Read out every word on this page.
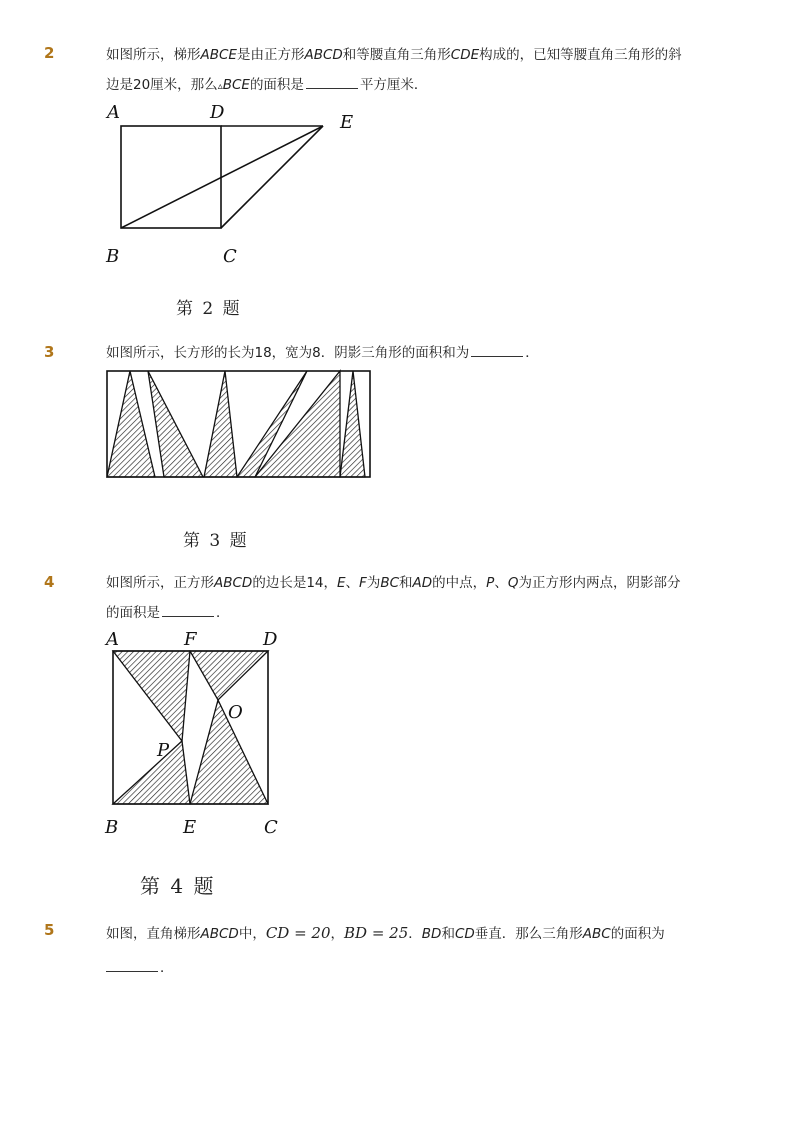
2	如图所示，梯形ABCE是由正方形ABCD和等腰直角三角形CDE构成的，已知等腰直角三角形的斜
边是20厘米，那么▵BCE的面积是	平方厘米．
A	D	E
B	C
第 2 题
3	如图所示，长方形的长为18，宽为8．阴影三角形的面积和为	．
第 3 题
4	如图所示，正方形ABCD的边长是14，E、F为BC和AD的中点，P、Q为正方形内两点，阴影部分
的面积是	．
A	F	D
O
P
B	E	C
第 4 题
5	如图，直角梯形ABCD中，CD = 20，BD = 25．BD和CD垂直．那么三角形ABC的面积为
．
